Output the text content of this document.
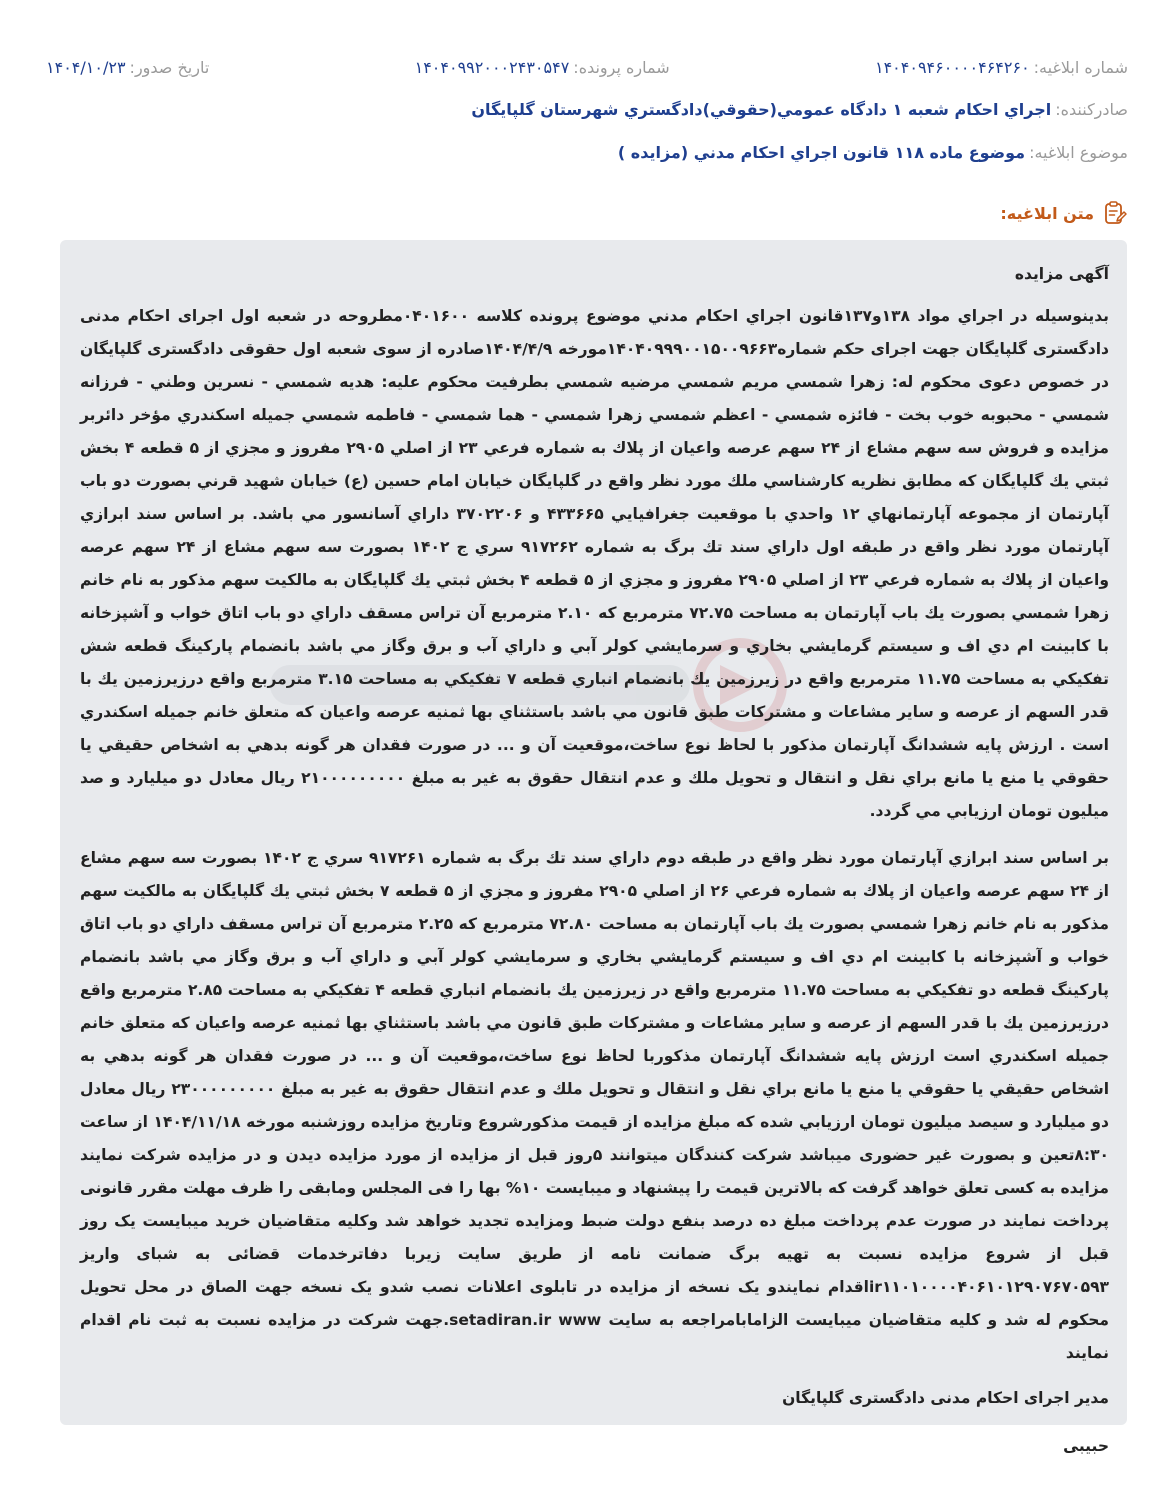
شماره ابلاغيه:
۱۴۰۴۰۹۴۶۰۰۰۰۴۶۴۲۶۰
شماره پرونده:
۱۴۰۴۰۹۹۲۰۰۰۲۴۳۰۵۴۷
تاريخ صدور:
۱۴۰۴/۱۰/۲۳
صادرکننده:
اجراي احکام شعبه ۱ دادگاه عمومي(حقوقي)دادگستري شهرستان گلپايگان
موضوع ابلاغيه:
موضوع ماده ۱۱۸ قانون اجراي احکام مدني (مزايده )
متن ابلاغيه:
آگهی مزایده
بدينوسيله در اجراي مواد ۱۳۸و۱۳۷قانون اجراي احکام مدني موضوع پرونده کلاسه ۰۴۰۱۶۰۰مطروحه در شعبه اول اجرای احکام مدنی دادگستری گلپایگان جهت اجرای حکم شماره۱۴۰۴۰۹۹۹۰۰۱۵۰۰۹۶۶۳مورخه ۱۴۰۴/۴/۹صادره از سوی شعبه اول حقوقی دادگستری گلپایگان در خصوص دعوی محکوم له: زهرا شمسي مريم شمسي مرضيه شمسي بطرفيت محکوم عليه: هديه شمسي - نسرين وطني - فرزانه شمسي - محبوبه خوب بخت - فائزه شمسي - اعظم شمسي زهرا شمسي - هما شمسي - فاطمه شمسي جميله اسکندري مؤخر دائربر مزايده و فروش سه سهم مشاع از ۲۴ سهم عرصه واعيان از پلاك به شماره فرعي ۲۳ از اصلي ۲۹۰۵ مفروز و مجزي از ۵ قطعه ۴ بخش ثبتي يك گلپايگان كه مطابق نظريه كارشناسي ملك مورد نظر واقع در گلپايگان خيابان امام حسين (ع) خيابان شهيد قرني بصورت دو باب آپارتمان از مجموعه آپارتمانهاي ۱۲ واحدي با موقعيت جغرافيايي ۴۳۳۶۶۵ و ۳۷۰۲۲۰۶ داراي آسانسور مي باشد. بر اساس سند ابرازي آپارتمان مورد نظر واقع در طبقه اول داراي سند تك برگ به شماره ۹۱۷۲۶۲ سري ج ۱۴۰۲ بصورت سه سهم مشاع از ۲۴ سهم عرصه واعيان از پلاك به شماره فرعي ۲۳ از اصلي ۲۹۰۵ مفروز و مجزي از ۵ قطعه ۴ بخش ثبتي يك گلپايگان به مالكيت سهم مذكور به نام خانم زهرا شمسي بصورت يك باب آپارتمان به مساحت ۷۲.۷۵ مترمربع كه ۲.۱۰ مترمربع آن تراس مسقف داراي دو باب اتاق خواب و آشپزخانه با كابينت ام دي اف و سيستم گرمايشي بخاري و سرمايشي كولر آبي و داراي آب و برق وگاز مي باشد بانضمام پاركينگ قطعه شش تفكيكي به مساحت ۱۱.۷۵ مترمربع واقع در زيرزمين يك بانضمام انباري قطعه ۷ تفكيكي به مساحت ۳.۱۵ مترمربع واقع درزيرزمين يك با قدر السهم از عرصه و ساير مشاعات و مشتركات طبق قانون مي باشد باستثناي بها ثمنيه عرصه واعيان كه متعلق خانم جميله اسكندري است . ارزش پايه ششدانگ آپارتمان مذكور با لحاظ نوع ساخت،موقعيت آن و ... در صورت فقدان هر گونه بدهي به اشخاص حقيقي يا حقوقي يا منع يا مانع براي نقل و انتقال و تحويل ملك و عدم انتقال حقوق به غير به مبلغ ۲۱۰۰۰۰۰۰۰۰۰ ريال معادل دو ميليارد و صد ميليون تومان ارزيابي مي گردد.
بر اساس سند ابرازي آپارتمان مورد نظر واقع در طبقه دوم داراي سند تك برگ به شماره ۹۱۷۲۶۱ سري ج ۱۴۰۲ بصورت سه سهم مشاع از ۲۴ سهم عرصه واعيان از پلاك به شماره فرعي ۲۶ از اصلي ۲۹۰۵ مفروز و مجزي از ۵ قطعه ۷ بخش ثبتي يك گلپايگان به مالكيت سهم مذكور به نام خانم زهرا شمسي بصورت يك باب آپارتمان به مساحت ۷۲.۸۰ مترمربع كه ۲.۲۵ مترمربع آن تراس مسقف داراي دو باب اتاق خواب و آشپزخانه با كابينت ام دي اف و سيستم گرمايشي بخاري و سرمايشي كولر آبي و داراي آب و برق وگاز مي باشد بانضمام پاركينگ قطعه دو تفكيكي به مساحت ۱۱.۷۵ مترمربع واقع در زيرزمين يك بانضمام انباري قطعه ۴ تفكيكي به مساحت ۲.۸۵ مترمربع واقع درزيرزمين يك با قدر السهم از عرصه و ساير مشاعات و مشتركات طبق قانون مي باشد باستثناي بها ثمنيه عرصه واعيان كه متعلق خانم جميله اسكندري است ارزش پايه ششدانگ آپارتمان مذكوربا لحاظ نوع ساخت،موقعيت آن و ... در صورت فقدان هر گونه بدهي به اشخاص حقيقي يا حقوقي يا منع يا مانع براي نقل و انتقال و تحويل ملك و عدم انتقال حقوق به غير به مبلغ ۲۳۰۰۰۰۰۰۰۰۰ ريال معادل دو ميليارد و سيصد ميليون تومان ارزيابي شده که مبلغ مزايده از قيمت مذکورشروع وتاريخ مزايده روزشنبه مورخه ۱۴۰۴/۱۱/۱۸ از ساعت ۸:۳۰تعين و بصورت غير حضوری ميباشد شرکت کنندگان ميتوانند ۵روز قبل از مزايده از مورد مزايده ديدن و در مزايده شرکت نمايند مزايده به کسی تعلق خواهد گرفت که بالاترين قيمت را پيشنهاد و ميبايست ۱۰% بها را فی المجلس ومابقی را ظرف مهلت مقرر قانونی پرداخت نمايند در صورت عدم پرداخت مبلغ ده درصد بنفع دولت ضبط ومزايده تجديد خواهد شد وکليه متقاضيان خريد ميبايست يک روز قبل از شروع مزايده نسبت به تهيه برگ ضمانت نامه از طريق سايت زيربا دفاترخدمات قضائی به شبای واريز ir۱۱۰۱۰۰۰۰۴۰۶۱۰۱۲۹۰۷۶۷۰۵۹۳اقدام نمايندو يک نسخه از مزايده در تابلوی اعلانات نصب شدو يک نسخه جهت الصاق در محل تحويل محکوم له شد و کليه متقاضيان ميبايست الزامابامراجعه به سايت setadiran.ir www.جهت شرکت در مزايده نسبت به ثبت نام اقدام نمايند
مدير اجرای احکام مدنی دادگستری گلپايگان
حبيبی
